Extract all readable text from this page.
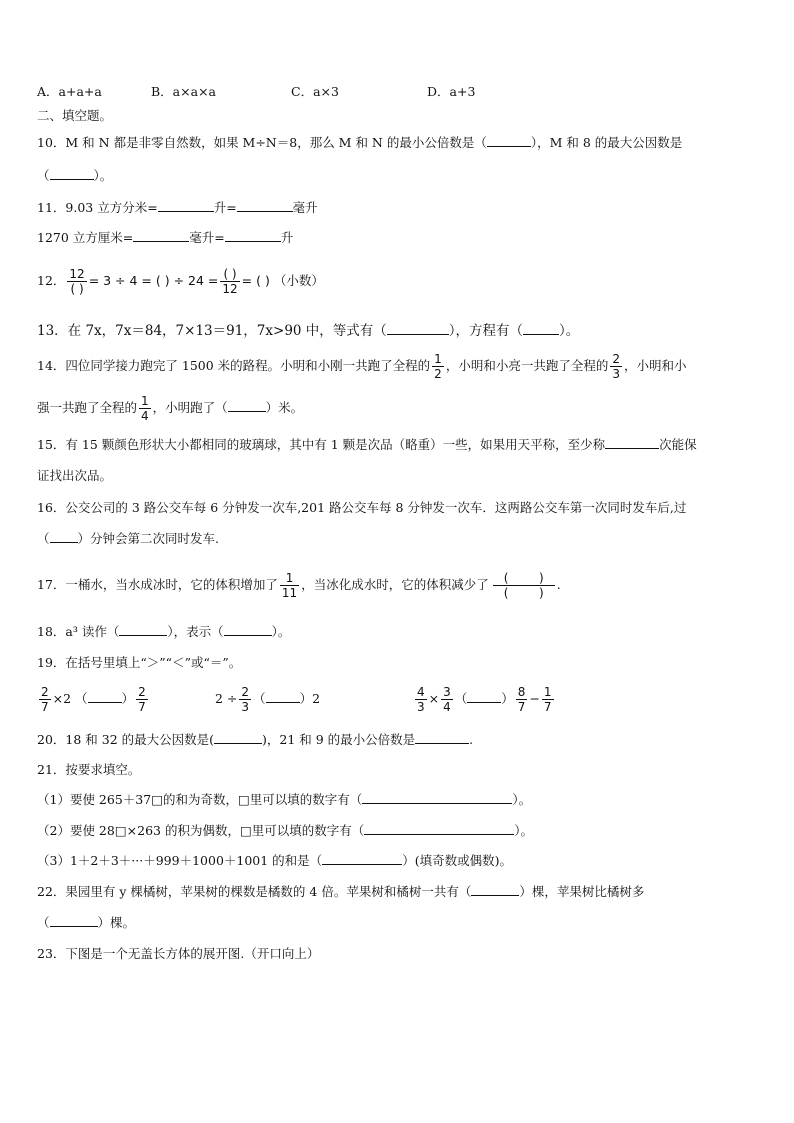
A．a+a+a	B．a×a×a	C．a×3	D．a+3
二、填空题。
10．M 和 N 都是非零自然数，如果 M÷N＝8，那么 M 和 N 的最小公倍数是（	），M 和 8 的最大公因数是
（	）。
11．9.03 立方分米=	升=	毫升
1270 立方厘米=	毫升=	升
12． $\frac{12}{( )} = 3 \div 4$ = ( ) ÷ $24 = \frac{( )}{12}$ = ( ) （小数）
13．在 7x，7x＝84，7×13＝91，7x>90 中，等式有（	），方程有（	）。
14．四位同学接力跑完了 1500 米的路程。小明和小刚一共跑了全程的 $\frac{1}{2}$ ，小明和小亮一共跑了全程的 $\frac{2}{3}$ ，小明和小
强一共跑了全程的 $\frac{1}{4}$ ，小明跑了（	）米。
15．有 15 颗颜色形状大小都相同的玻璃球，其中有 1 颗是次品（略重）一些，如果用天平称，至少称	次能保
证找出次品。
16．公交公司的 3 路公交车每 6 分钟发一次车,201 路公交车每 8 分钟发一次车．这两路公交车第一次同时发车后,过
（ ）分钟会第二次同时发车.
17．一桶水，当水成冰时，它的体积增加了 $\frac{1}{11}$ ，当冰化成水时，它的体积减少了 $\frac{( )}{( )}$ .
18．a³ 读作（	），表示（	）。
19．在括号里填上“＞”“＜”或“＝”。
$\frac{2}{7} \times 2$ （	） $\frac{2}{7}$	$2 \div \frac{2}{3}$ （	）2	$\frac{4}{3} \times \frac{3}{4}$ （	） $\frac{8}{7} - \frac{1}{7}$
20．18 和 32 的最大公因数是(	)，21 和 9 的最小公倍数是	.
21．按要求填空。
（1）要使 265＋37□的和为奇数，□里可以填的数字有（	）。
（2）要使 28□×263 的积为偶数，□里可以填的数字有（	）。
（3）1＋2＋3＋···＋999＋1000＋1001 的和是（	）(填奇数或偶数)。
22．果园里有 y 棵橘树，苹果树的棵数是橘数的 4 倍。苹果树和橘树一共有（	）棵，苹果树比橘树多
（	）棵。
23．下图是一个无盖长方体的展开图.（开口向上）
